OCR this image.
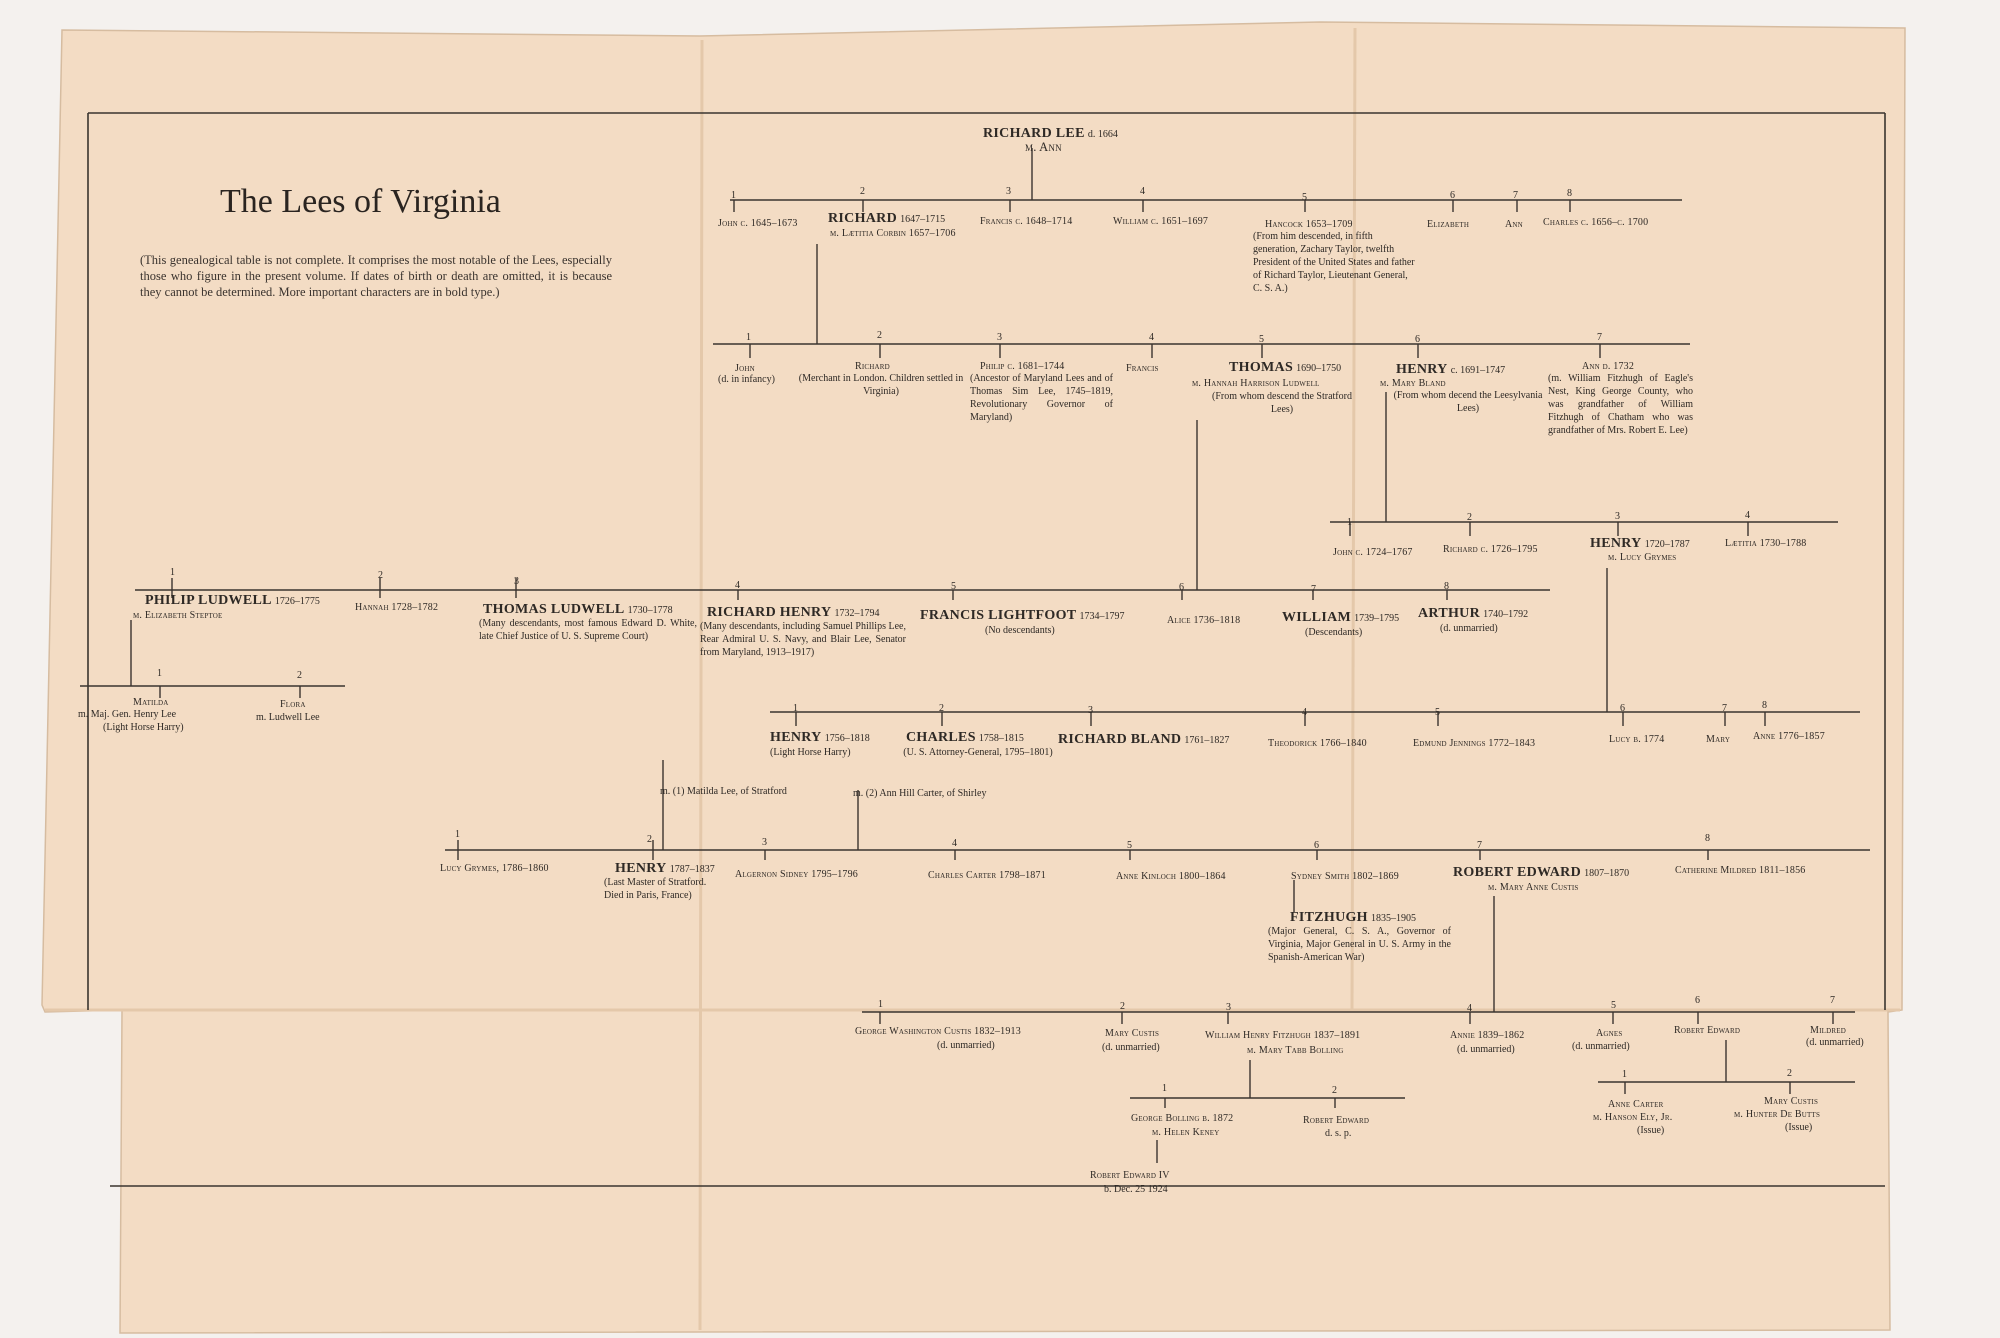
The Lees of Virginia
(This genealogical table is not complete. It comprises the most notable of the Lees, especially those who figure in the present volume. If dates of birth or death are omitted, it is because they cannot be determined. More important characters are in bold type.)
RICHARD LEE d. 1664
m. Ann
1
John c. 1645–1673
2
RICHARD 1647–1715
m. Lætitia Corbin 1657–1706
3
Francis c. 1648–1714	William c. 1651–1697
4
5
Hancock 1653–1709
(From him descended, in fifth generation, Zachary Taylor, twelfth President of the United States and father of Richard Taylor, Lieutenant General, C. S. A.)
6
Elizabeth
7
Ann
8
Charles c. 1656–c. 1700
1
John
(d. in infancy)
2
Richard
(Merchant in London. Children settled in Virginia)
3
Philip c. 1681–1744
(Ancestor of Maryland Lees and of Thomas Sim Lee, 1745–1819, Revolutionary Governor of Maryland)
4
Francis
5
THOMAS 1690–1750
m. Hannah Harrison Ludwell
(From whom descend the Stratford Lees)
6
HENRY c. 1691–1747
m. Mary Bland
(From whom decend the Leesylvania Lees)
7
Ann d. 1732
(m. William Fitzhugh of Eagle's Nest, King George County, who was grandfather of William Fitzhugh of Chatham who was grandfather of Mrs. Robert E. Lee)
1
John c. 1724–1767
2
Richard c. 1726–1795
3
HENRY 1720–1787
m. Lucy Grymes
4
Lætitia 1730–1788
1
PHILIP LUDWELL 1726–1775
m. Elizabeth Steptoe
2
Hannah 1728–1782
3
THOMAS LUDWELL 1730–1778
(Many descendants, most famous Edward D. White, late Chief Justice of U. S. Supreme Court)
4
RICHARD HENRY 1732–1794
(Many descendants, including Samuel Phillips Lee, Rear Admiral U. S. Navy, and Blair Lee, Senator from Maryland, 1913–1917)
5
FRANCIS LIGHTFOOT 1734–1797
(No descendants)
6
Alice 1736–1818
7
WILLIAM 1739–1795
(Descendants)
8
ARTHUR 1740–1792
(d. unmarried)
1
Matilda
m. Maj. Gen. Henry Lee
(Light Horse Harry)
2
Flora
m. Ludwell Lee
1
HENRY 1756–1818
(Light Horse Harry)
2
CHARLES 1758–1815
(U. S. Attorney-General, 1795–1801)
3
RICHARD BLAND 1761–1827
4
Theodorick 1766–1840
5
Edmund Jennings 1772–1843
6
Lucy b. 1774
7
Mary
8
Anne 1776–1857
m. (1) Matilda Lee, of Stratford	m. (2) Ann Hill Carter, of Shirley
1
Lucy Grymes, 1786–1860
2
HENRY 1787–1837
(Last Master of Stratford. Died in Paris, France)
3
Algernon Sidney 1795–1796
4
Charles Carter 1798–1871
5
Anne Kinloch 1800–1864
6
Sydney Smith 1802–1869
7
ROBERT EDWARD 1807–1870
m. Mary Anne Custis
8
Catherine Mildred 1811–1856
FITZHUGH 1835–1905
(Major General, C. S. A., Governor of Virginia, Major General in U. S. Army in the Spanish-American War)
1
George Washington Custis 1832–1913
(d. unmarried)
2
Mary Custis
(d. unmarried)
3
William Henry Fitzhugh 1837–1891
m. Mary Tabb Bolling
4
Annie 1839–1862
(d. unmarried)
5
Agnes
(d. unmarried)
6
Robert Edward
7
Mildred
(d. unmarried)
1
George Bolling b. 1872
m. Helen Keney
2
Robert Edward
d. s. p.
Robert Edward IV
b. Dec. 25 1924
1
Anne Carter
m. Hanson Ely, Jr.
(Issue)
2
Mary Custis
m. Hunter De Butts
(Issue)
